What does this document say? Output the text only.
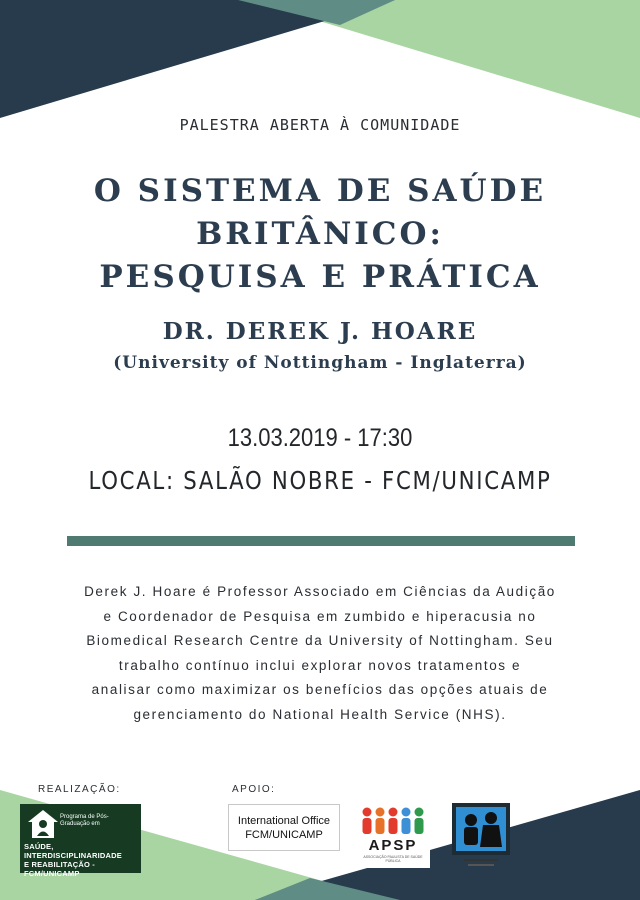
PALESTRA ABERTA À COMUNIDADE
O SISTEMA DE SAÚDE
BRITÂNICO:
PESQUISA E PRÁTICA
DR. DEREK J. HOARE
(University of Nottingham - Inglaterra)
13.03.2019 - 17:30
LOCAL: SALÃO NOBRE - FCM/UNICAMP
Derek J. Hoare é Professor Associado em Ciências da Audição
e Coordenador de Pesquisa em zumbido e hiperacusia no
Biomedical Research Centre da University of Nottingham. Seu
trabalho contínuo inclui explorar novos tratamentos e
analisar como maximizar os benefícios das opções atuais de
gerenciamento do National Health Service (NHS).
REALIZAÇÃO:	APOIO:
Programa de Pós-Graduação em
SAÚDE, INTERDISCIPLINARIDADE
E REABILITAÇÃO - FCM/UNICAMP
International Office
FCM/UNICAMP
APSP
ASSOCIAÇÃO PAULISTA DE SAÚDE PÚBLICA
